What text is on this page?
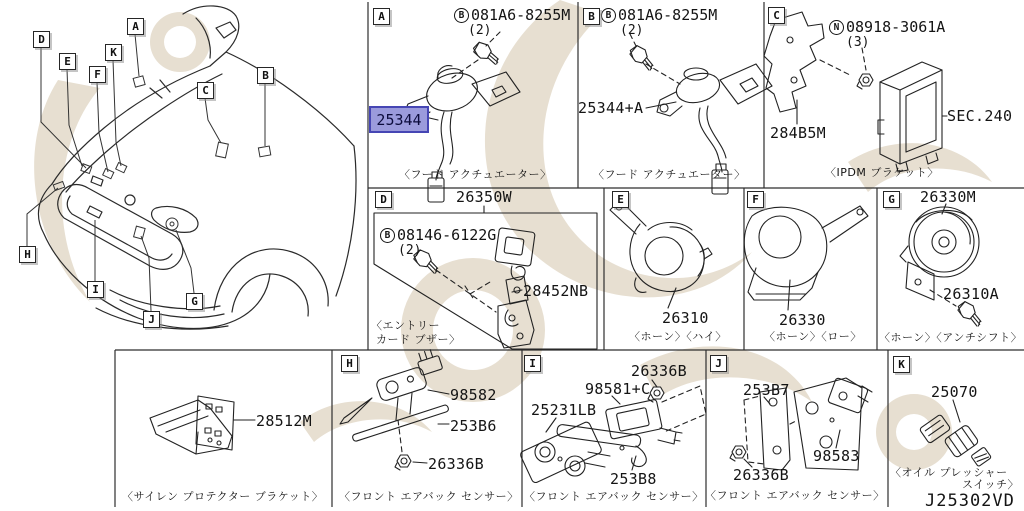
D
E
F
A
K
C
B
H
I
J
G
A	B 081A6-8255M
(2)
25344
〈フード アクチュエーター〉
B	B 081A6-8255M
(2)
25344+A
〈フード アクチュエーター〉
C
N 08918-3061A
(3)
284B5M
SEC.240
〈IPDM ブラケット〉
D	26350W
B 08146-6122G
(2)
28452NB
〈エントリー
カード ブザー〉
E
26310
〈ホーン〉〈ハイ〉
F
26330
〈ホーン〉〈ロー〉
G 26330M
26310A
〈ホーン〉〈アンチシフト〉
28512M
〈サイレン プロテクター ブラケット〉
H
98582
253B6
26336B
〈フロント エアバック センサー〉
I	26336B
98581+C
25231LB
253B8
〈フロント エアバック センサー〉
J
253B7
98583
26336B
〈フロント エアバック センサー〉
K
25070
〈オイル プレッシャー
スイッチ〉
J25302VD
